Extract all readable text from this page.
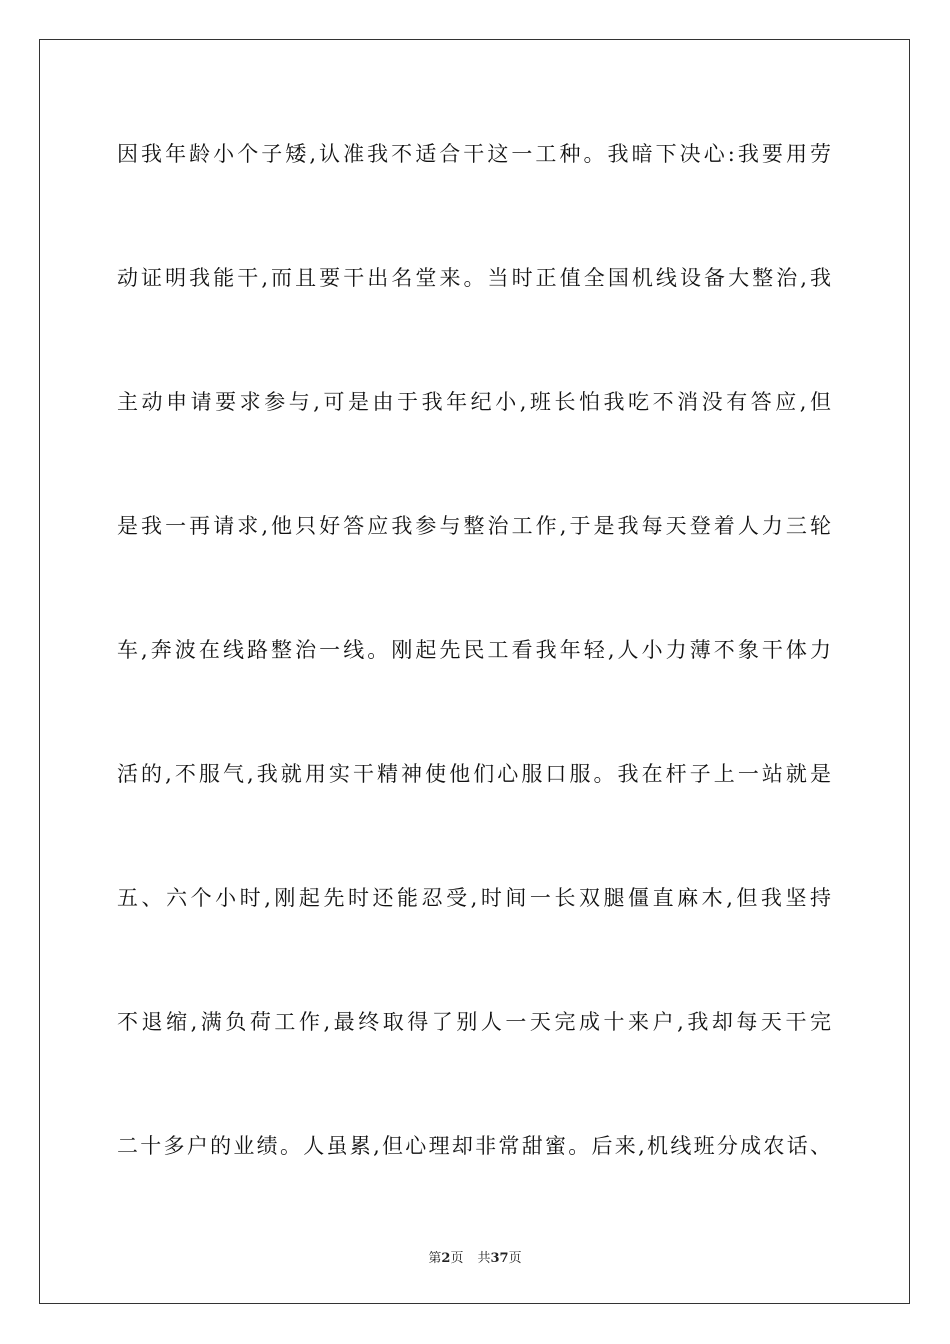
因我年龄小个子矮,认准我不适合干这一工种。我暗下决心:我要用劳
动证明我能干,而且要干出名堂来。当时正值全国机线设备大整治,我
主动申请要求参与,可是由于我年纪小,班长怕我吃不消没有答应,但
是我一再请求,他只好答应我参与整治工作,于是我每天登着人力三轮
车,奔波在线路整治一线。刚起先民工看我年轻,人小力薄不象干体力
活的,不服气,我就用实干精神使他们心服口服。我在杆子上一站就是
五、六个小时,刚起先时还能忍受,时间一长双腿僵直麻木,但我坚持
不退缩,满负荷工作,最终取得了别人一天完成十来户,我却每天干完
二十多户的业绩。人虽累,但心理却非常甜蜜。后来,机线班分成农话、
第2页 共37页
